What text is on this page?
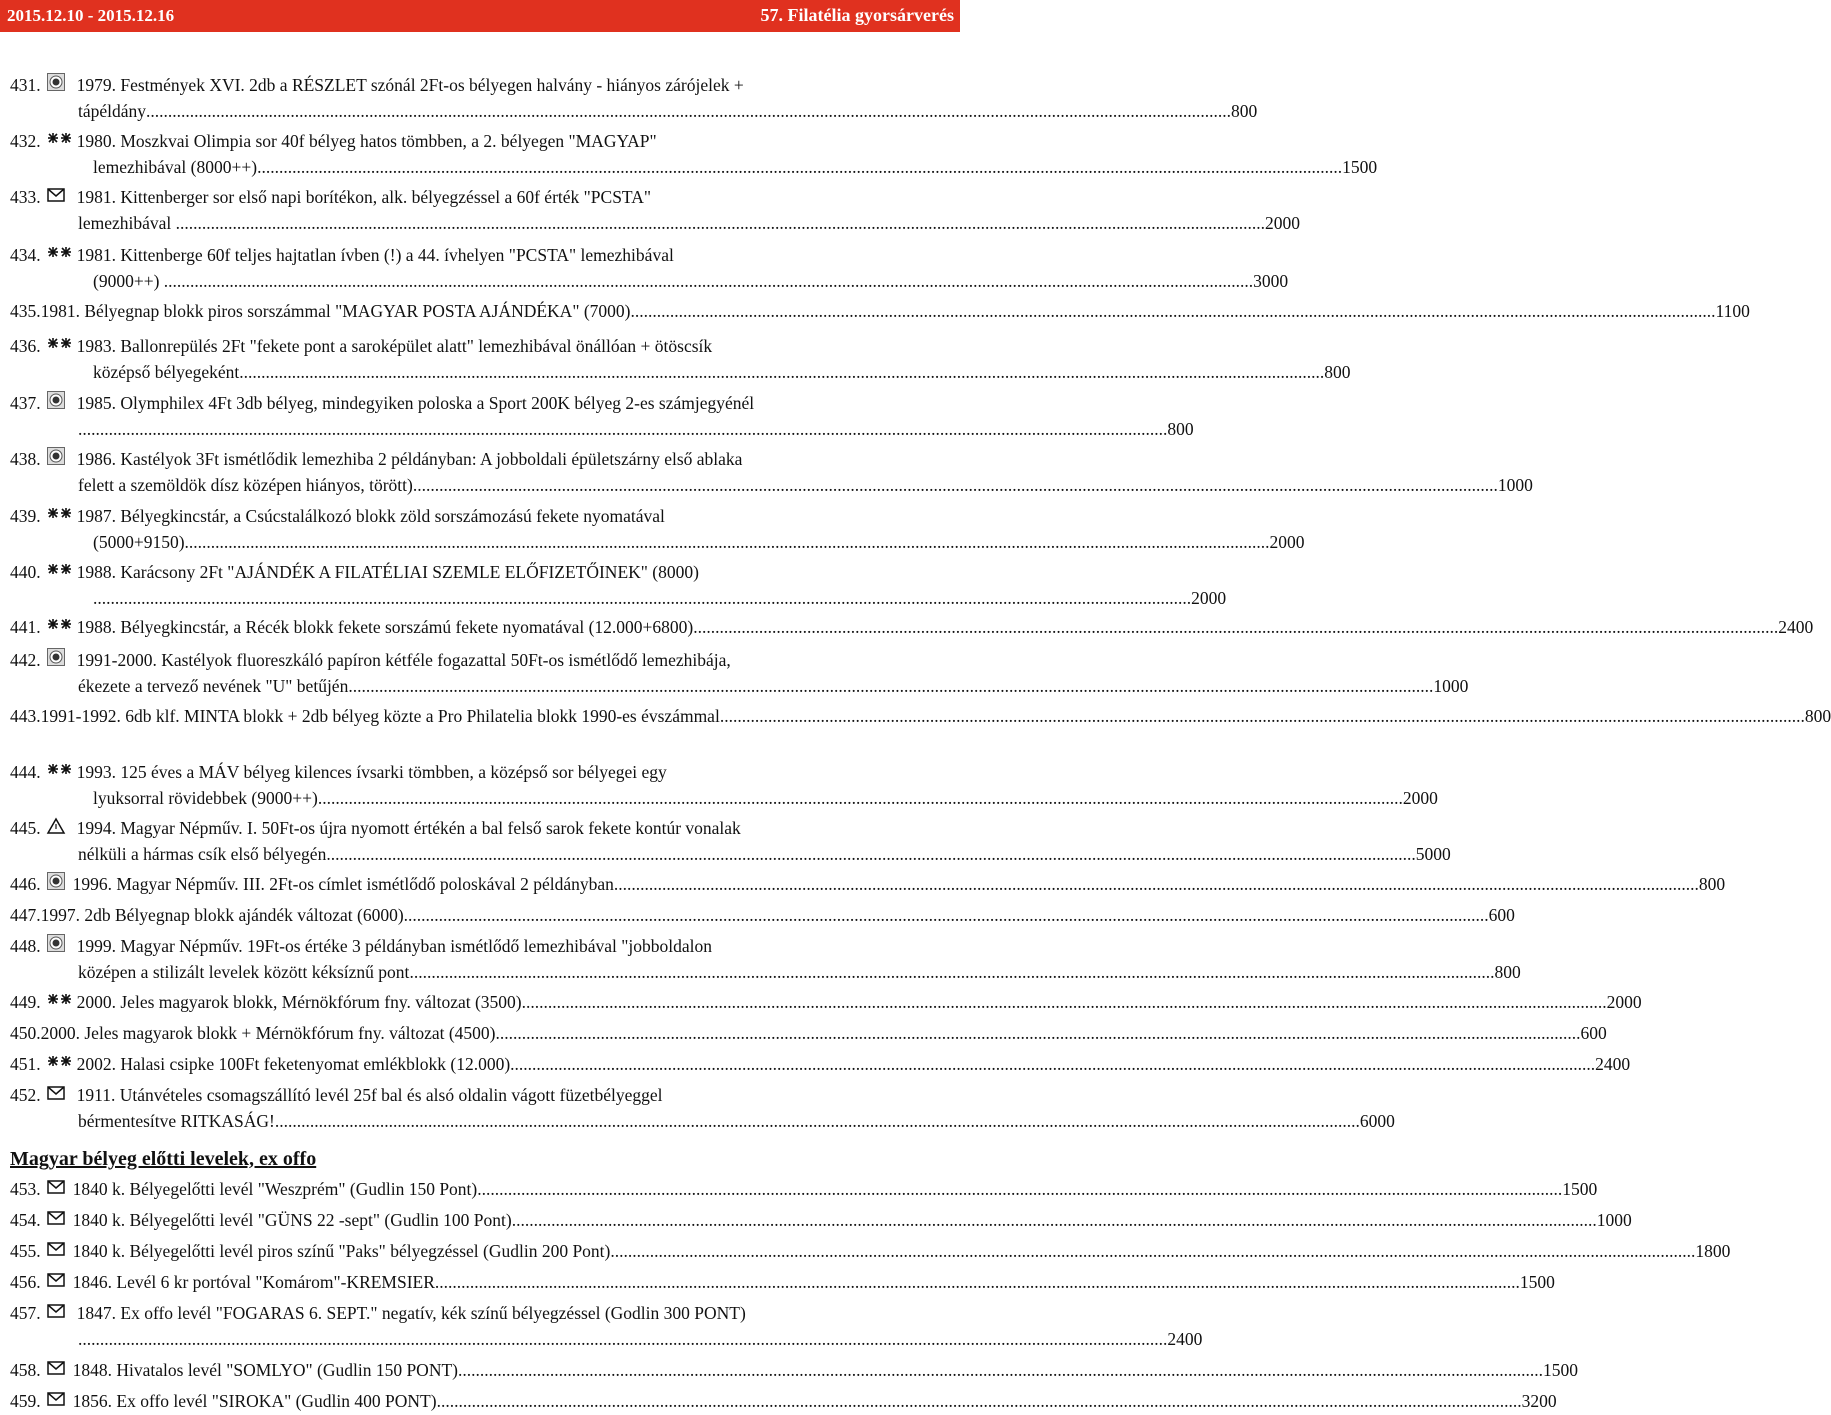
2015.12.10 - 2015.12.16	57. Filatélia gyorsárverés
Magyar bélyeg előtti levelek, ex offo
431. 1979. Festmények XVI. 2db a RÉSZLET szónál 2Ft-os bélyegen halvány - hiányos zárójelek +
tápéldány .....	800
432. 1980. Moszkvai Olimpia sor 40f bélyeg hatos tömbben, a 2. bélyegen "MAGYAP"
lemezhibával (8000++) .....	1500
433. 1981. Kittenberger sor első napi borítékon, alk. bélyegzéssel a 60f érték "PCSTA"
lemezhibával . .....	2000
434. 1981. Kittenberge 60f teljes hajtatlan ívben (!) a 44. ívhelyen "PCSTA" lemezhibával
(9000++) . .....	3000
435. 1981. Bélyegnap blokk piros sorszámmal "MAGYAR POSTA AJÁNDÉKA" (7000) .....	1100
436. 1983. Ballonrepülés 2Ft "fekete pont a saroképület alatt" lemezhibával önállóan + ötöscsík
középső bélyegeként .....	800
437. 1985. Olymphilex 4Ft 3db bélyeg, mindegyiken poloska a Sport 200K bélyeg 2-es számjegyénél
. .....	800
438. 1986. Kastélyok 3Ft ismétlődik lemezhiba 2 példányban: A jobboldali épületszárny első ablaka
felett a szemöldök dísz középen hiányos, törött) .....	1000
439. 1987. Bélyegkincstár, a Csúcstalálkozó blokk zöld sorszámozású fekete nyomatával
(5000+9150) .....	2000
440. 1988. Karácsony 2Ft "AJÁNDÉK A FILATÉLIAI SZEMLE ELŐFIZETŐINEK" (8000)
... .....	2000
441. 1988. Bélyegkincstár, a Récék blokk fekete sorszámú fekete nyomatával (12.000+6800) .....	2400
442. 1991-2000. Kastélyok fluoreszkáló papíron kétféle fogazattal 50Ft-os ismétlődő lemezhibája,
ékezete a tervező nevének "U" betűjén .....	1000
443. 1991-1992. 6db klf. MINTA blokk + 2db bélyeg közte a Pro Philatelia blokk 1990-es évszámmal .....	800
444. 1993. 125 éves a MÁV bélyeg kilences ívsarki tömbben, a középső sor bélyegei egy
lyuksorral rövidebbek (9000++) .....	2000
445. 1994. Magyar Népműv. I. 50Ft-os újra nyomott értékén a bal felső sarok fekete kontúr vonalak
nélküli a hármas csík első bélyegén. .....	5000
446. 1996. Magyar Népműv. III. 2Ft-os címlet ismétlődő poloskával 2 példányban .....	800
447. 1997. 2db Bélyegnap blokk ajándék változat (6000) .....	600
448. 1999. Magyar Népműv. 19Ft-os értéke 3 példányban ismétlődő lemezhibával "jobboldalon
középen a stilizált levelek között kéksíznű pont .....	800
449. 2000. Jeles magyarok blokk, Mérnökfórum fny. változat (3500) .....	2000
450. 2000. Jeles magyarok blokk + Mérnökfórum fny. változat (4500) .....	600
451. 2002. Halasi csipke 100Ft feketenyomat emlékblokk (12.000) .....	2400
452. 1911. Utánvételes csomagszállító levél 25f bal és alsó oldalin vágott füzetbélyeggel
bérmentesítve RITKASÁG! .....	6000
453. 1840 k. Bélyegelőtti levél "Weszprém" (Gudlin 150 Pont) .....	1500
454. 1840 k. Bélyegelőtti levél "GÜNS 22 -sept" (Gudlin 100 Pont) .....	1000
455. 1840 k. Bélyegelőtti levél piros színű "Paks" bélyegzéssel (Gudlin 200 Pont) .....	1800
456. 1846. Levél 6 kr portóval "Komárom"-KREMSIER .....	1500
457. 1847. Ex offo levél "FOGARAS 6. SEPT." negatív, kék színű bélyegzéssel (Godlin 300 PONT)
. .....	2400
458. 1848. Hivatalos levél "SOMLYO" (Gudlin 150 PONT) .....	1500
459. 1856. Ex offo levél "SIROKA" (Gudlin 400 PONT) .....	3200
